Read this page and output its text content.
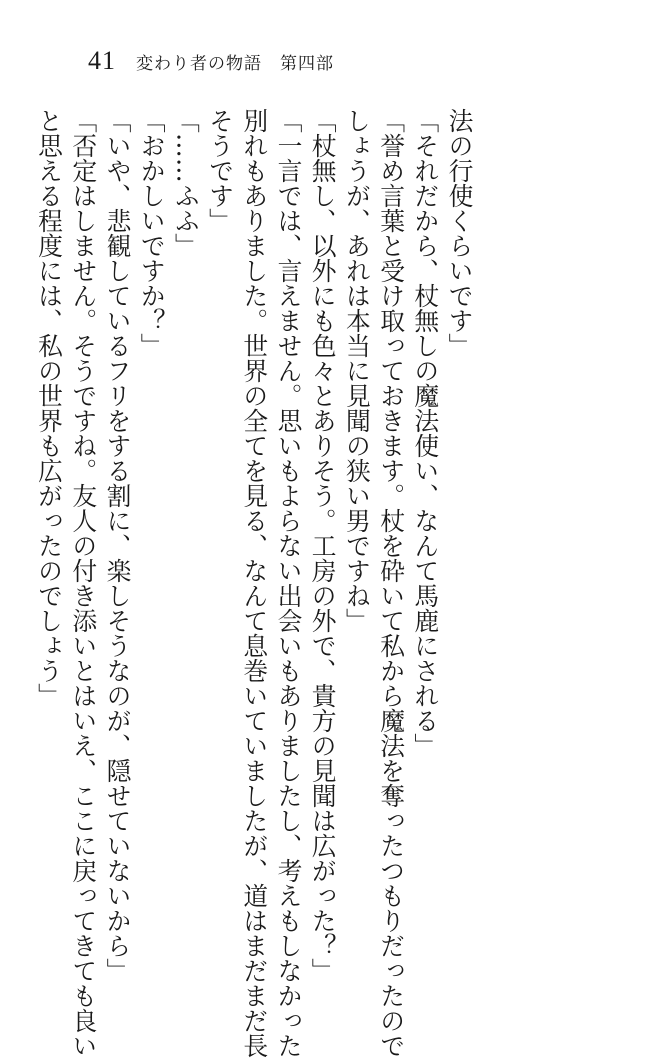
41 変わり者の物語　第四部
法の行使くらいです」
「それだから、杖無しの魔法使い、なんて馬鹿にされる」
「誉め言葉と受け取っておきます。杖を砕いて私から魔法を奪ったつもりだったので
しょうが、あれは本当に見聞の狭い男ですね」
「杖無し、以外にも色々とありそう。工房の外で、貴方の見聞は広がった？」
「一言では、言えません。思いもよらない出会いもありましたし、考えもしなかった
別れもありました。世界の全てを見る、なんて息巻いていましたが、道はまだまだ長
そうです」
「……ふふ」
「おかしいですか？」
「いや、悲観しているフリをする割に、楽しそうなのが、隠せていないから」
「否定はしません。そうですね。友人の付き添いとはいえ、ここに戻ってきても良い
と思える程度には、私の世界も広がったのでしょう」
